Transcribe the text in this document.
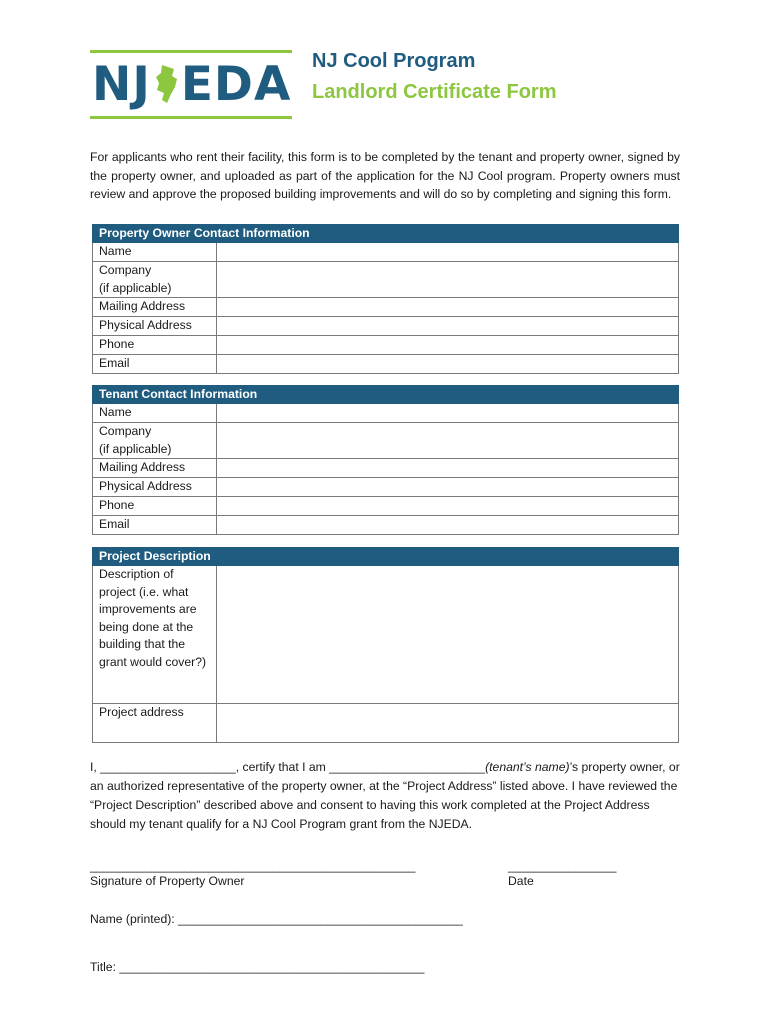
NJ EDA NJ Cool Program
Landlord Certificate Form

For applicants who rent their facility, this form is to be completed by the tenant and property owner, signed by the property owner, and uploaded as part of the application for the NJ Cool program. Property owners must review and approve the proposed building improvements and will do so by completing and signing this form.

Property Owner Contact Information
Name
Company
(if applicable)
Mailing Address
Physical Address
Phone
Email
Tenant Contact Information
Name
Company
(if applicable)
Mailing Address
Physical Address
Phone
Email
Project Description
Description of project (i.e. what improvements are being done at the building that the grant would cover?)
Project address

I, ____________________, certify that I am _______________________(tenant’s name)’s property owner, or an authorized representative of the property owner, at the “Project Address” listed above. I have reviewed the “Project Description” described above and consent to having this work completed at the Project Address should my tenant qualify for a NJ Cool Program grant from the NJEDA.

________________________________________________	________________
Signature of Property Owner	Date
Name (printed): __________________________________________
Title: _____________________________________________
